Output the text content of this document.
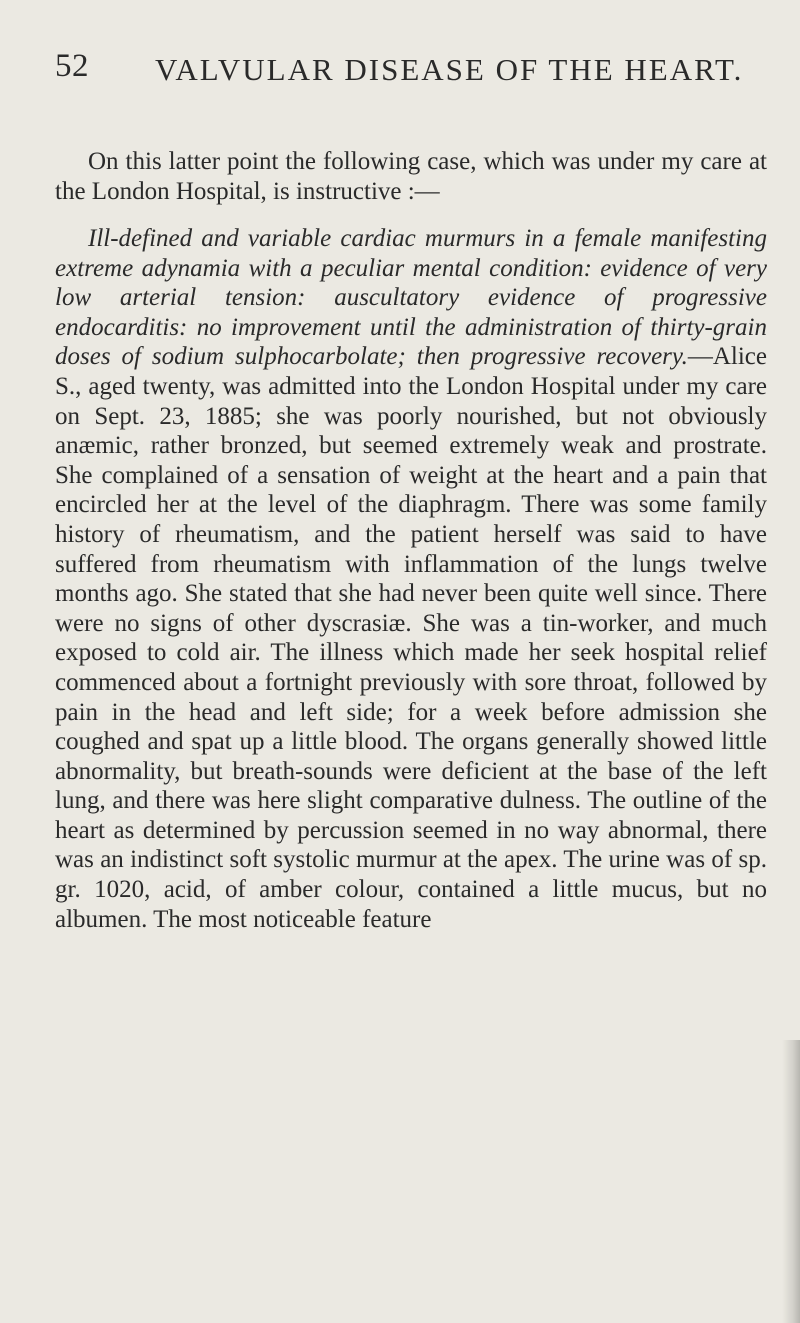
52 VALVULAR DISEASE OF THE HEART.

On this latter point the following case, which was under my care at the London Hospital, is instructive :—

Ill-defined and variable cardiac murmurs in a female manifesting extreme adynamia with a peculiar mental condition: evidence of very low arterial tension: auscultatory evidence of progressive endocarditis: no improvement until the administration of thirty-grain doses of sodium sulphocarbolate; then progressive recovery.—Alice S., aged twenty, was admitted into the London Hospital under my care on Sept. 23, 1885; she was poorly nourished, but not obviously anæmic, rather bronzed, but seemed extremely weak and prostrate. She complained of a sensation of weight at the heart and a pain that encircled her at the level of the diaphragm. There was some family history of rheumatism, and the patient herself was said to have suffered from rheumatism with inflammation of the lungs twelve months ago. She stated that she had never been quite well since. There were no signs of other dyscrasiæ. She was a tin-worker, and much exposed to cold air. The illness which made her seek hospital relief commenced about a fortnight previously with sore throat, followed by pain in the head and left side; for a week before admission she coughed and spat up a little blood. The organs generally showed little abnormality, but breath-sounds were deficient at the base of the left lung, and there was here slight comparative dulness. The outline of the heart as determined by percussion seemed in no way abnormal, there was an indistinct soft systolic murmur at the apex. The urine was of sp. gr. 1020, acid, of amber colour, contained a little mucus, but no albumen. The most noticeable feature
